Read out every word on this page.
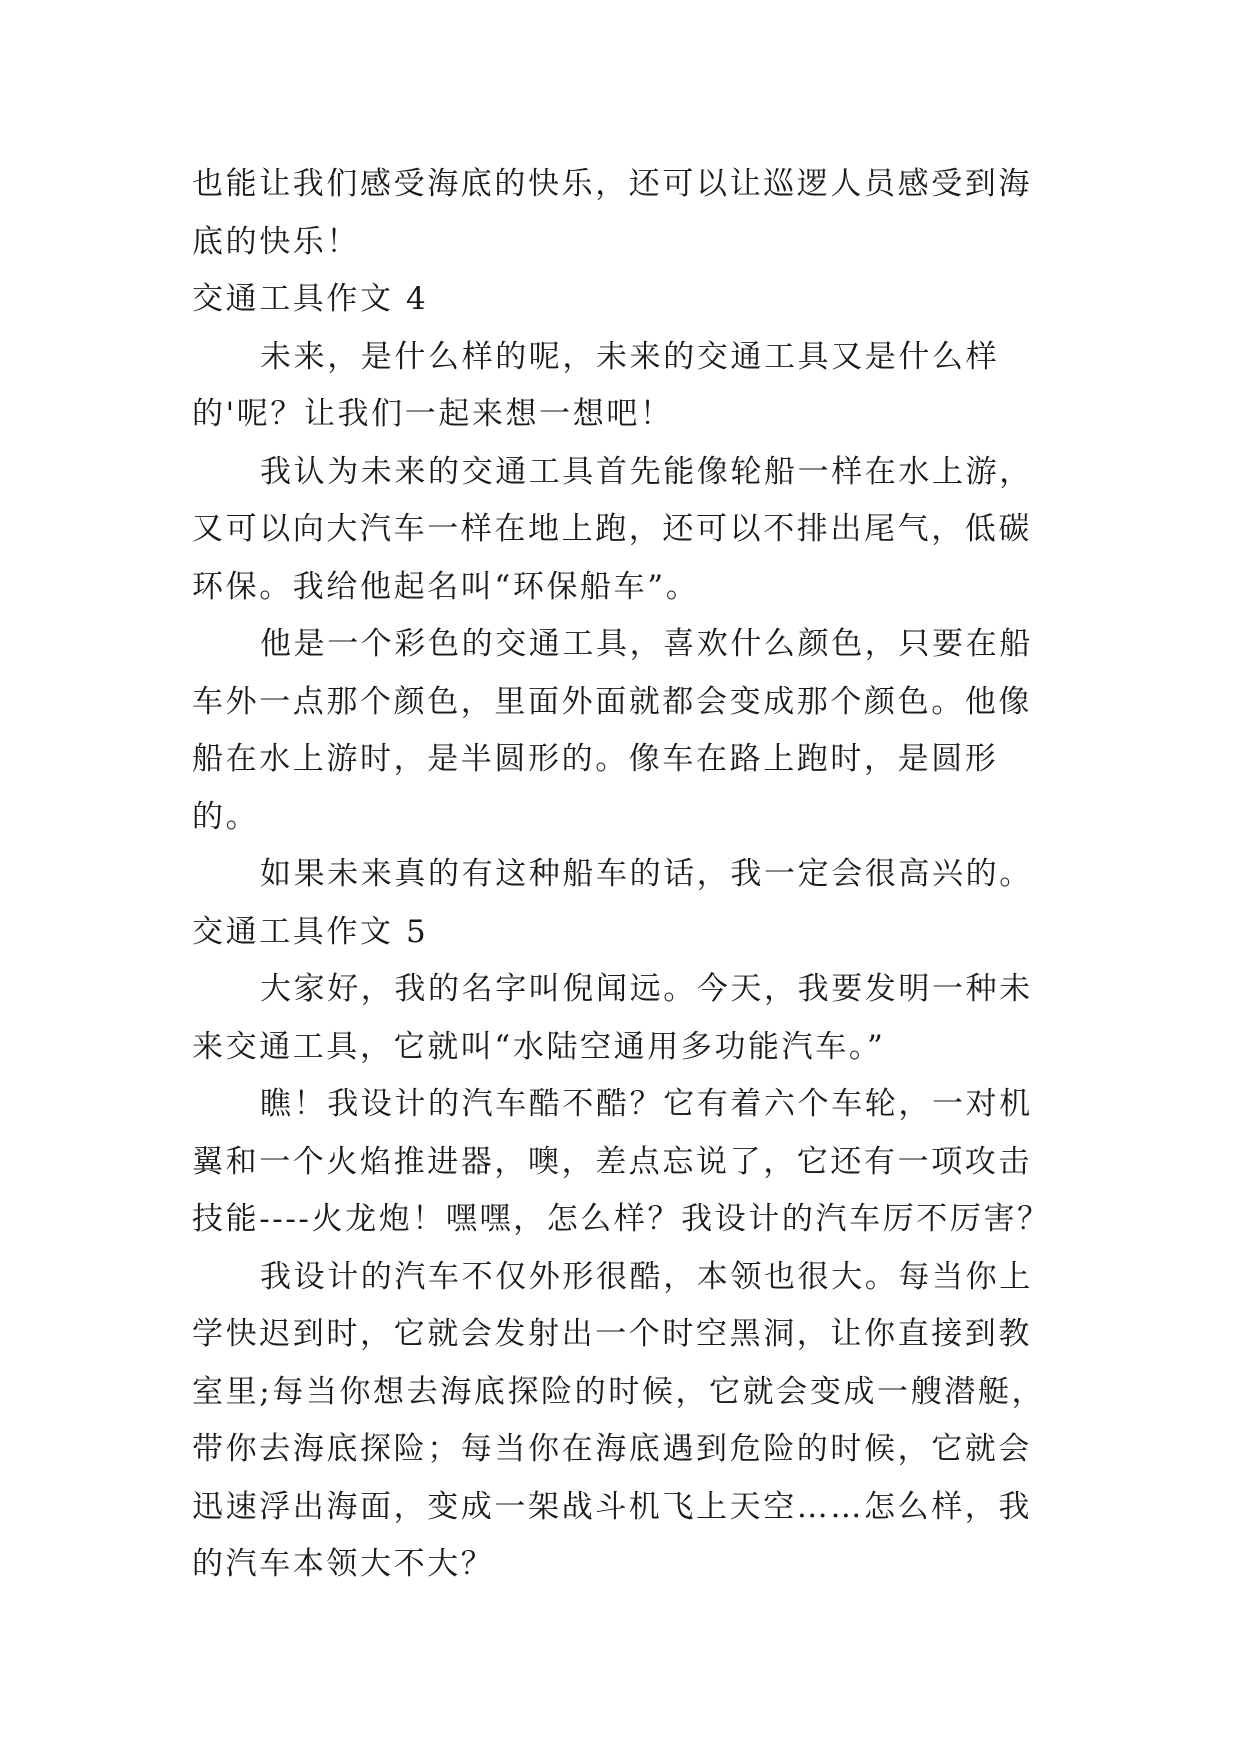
也能让我们感受海底的快乐，还可以让巡逻人员感受到海底的快乐！

交通工具作文 4

未来，是什么样的呢，未来的交通工具又是什么样的'呢？让我们一起来想一想吧！

我认为未来的交通工具首先能像轮船一样在水上游，又可以向大汽车一样在地上跑，还可以不排出尾气，低碳环保。我给他起名叫“环保船车”。

他是一个彩色的交通工具，喜欢什么颜色，只要在船车外一点那个颜色，里面外面就都会变成那个颜色。他像船在水上游时，是半圆形的。像车在路上跑时，是圆形的。

如果未来真的有这种船车的话，我一定会很高兴的。

交通工具作文 5

大家好，我的名字叫倪闻远。今天，我要发明一种未来交通工具，它就叫“水陆空通用多功能汽车。”

瞧！我设计的汽车酷不酷？它有着六个车轮，一对机翼和一个火焰推进器，噢，差点忘说了，它还有一项攻击技能----火龙炮！嘿嘿，怎么样？我设计的汽车厉不厉害？

我设计的汽车不仅外形很酷，本领也很大。每当你上学快迟到时，它就会发射出一个时空黑洞，让你直接到教室里;每当你想去海底探险的时候，它就会变成一艘潜艇，带你去海底探险；每当你在海底遇到危险的时候，它就会迅速浮出海面，变成一架战斗机飞上天空……怎么样，我的汽车本领大不大？
